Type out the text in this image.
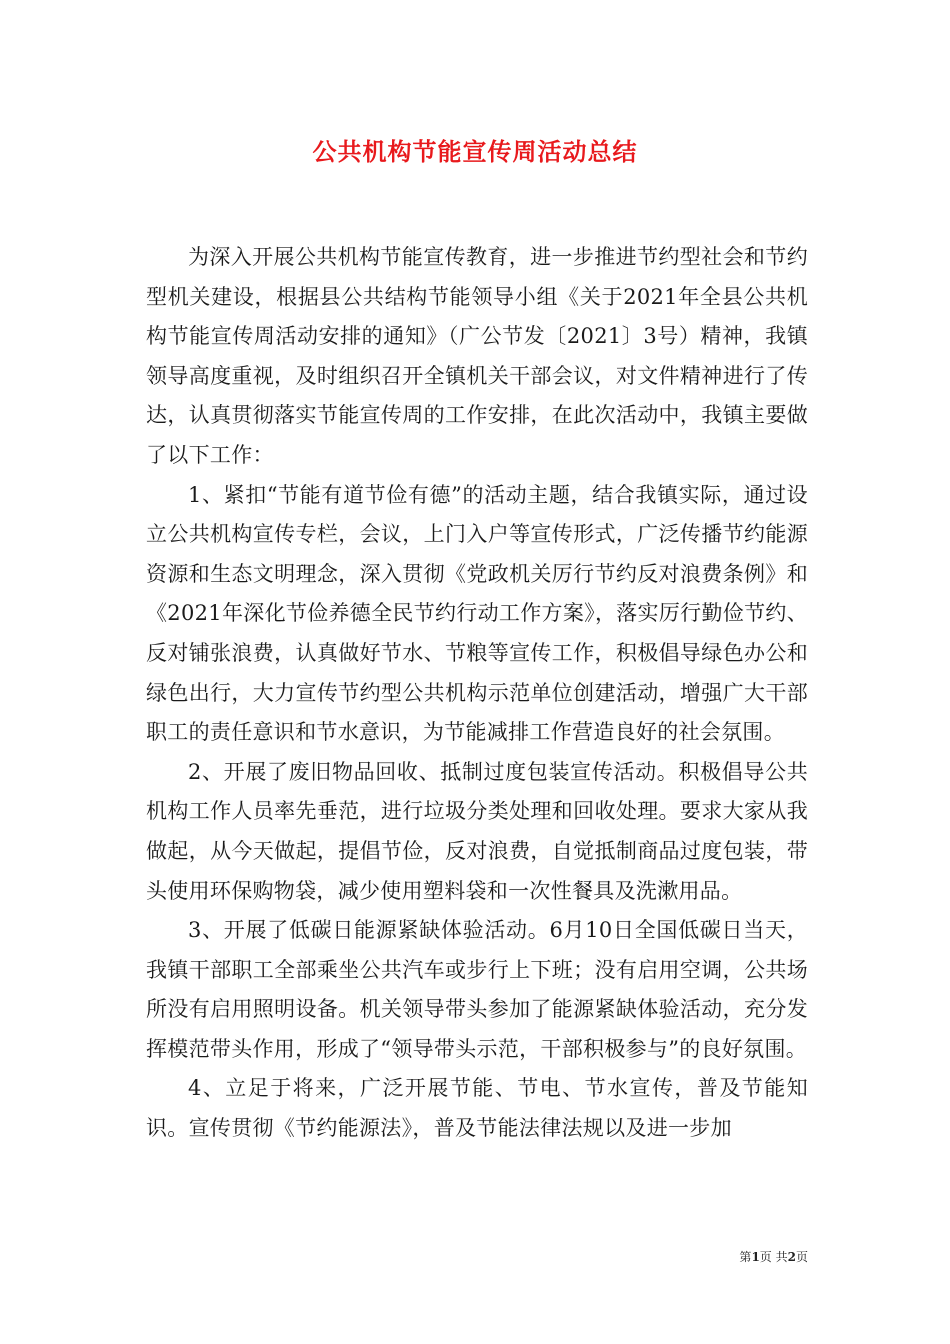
公共机构节能宣传周活动总结

为深入开展公共机构节能宣传教育，进一步推进节约型社会和节约型机关建设，根据县公共结构节能领导小组《关于2021年全县公共机构节能宣传周活动安排的通知》（广公节发〔2021〕3号）精神，我镇领导高度重视，及时组织召开全镇机关干部会议，对文件精神进行了传达，认真贯彻落实节能宣传周的工作安排，在此次活动中，我镇主要做了以下工作：

1、紧扣“节能有道节俭有德”的活动主题，结合我镇实际，通过设立公共机构宣传专栏，会议，上门入户等宣传形式，广泛传播节约能源资源和生态文明理念，深入贯彻《党政机关厉行节约反对浪费条例》和《2021年深化节俭养德全民节约行动工作方案》，落实厉行勤俭节约、反对铺张浪费，认真做好节水、节粮等宣传工作，积极倡导绿色办公和绿色出行，大力宣传节约型公共机构示范单位创建活动，增强广大干部职工的责任意识和节水意识，为节能减排工作营造良好的社会氛围。

2、开展了废旧物品回收、抵制过度包装宣传活动。积极倡导公共机构工作人员率先垂范，进行垃圾分类处理和回收处理。要求大家从我做起，从今天做起，提倡节俭，反对浪费，自觉抵制商品过度包装，带头使用环保购物袋，减少使用塑料袋和一次性餐具及洗漱用品。

3、开展了低碳日能源紧缺体验活动。6月10日全国低碳日当天，我镇干部职工全部乘坐公共汽车或步行上下班；没有启用空调，公共场所没有启用照明设备。机关领导带头参加了能源紧缺体验活动，充分发挥模范带头作用，形成了“领导带头示范，干部积极参与”的良好氛围。

4、立足于将来，广泛开展节能、节电、节水宣传，普及节能知识。宣传贯彻《节约能源法》，普及节能法律法规以及进一步加

第1页 共2页
